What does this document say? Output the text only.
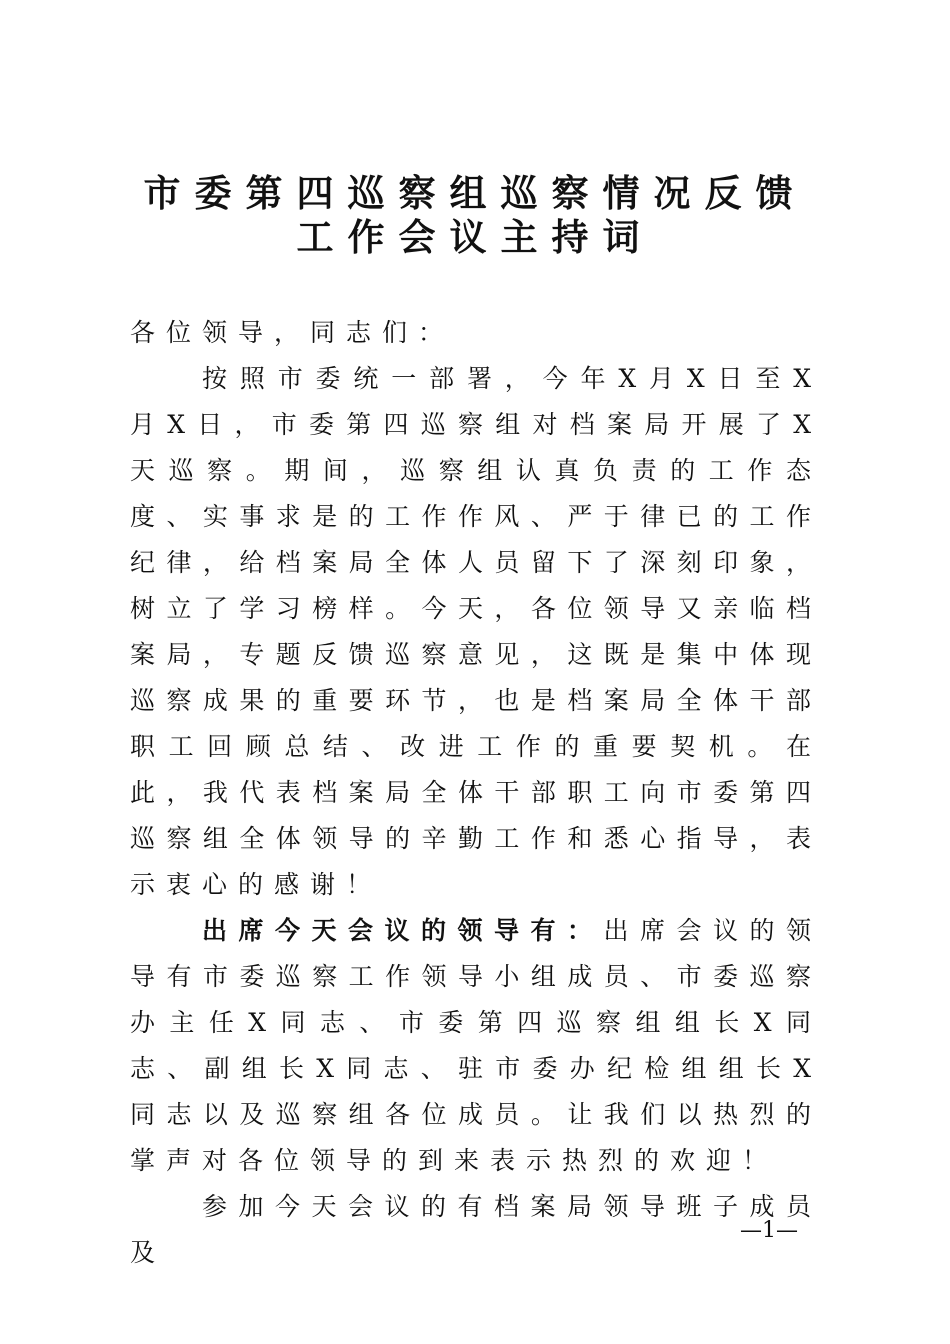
市委第四巡察组巡察情况反馈
工作会议主持词

各位领导，同志们：

按照市委统一部署，今年X月X日至X月X日，市委第四巡察组对档案局开展了X天巡察。期间，巡察组认真负责的工作态度、实事求是的工作作风、严于律已的工作纪律，给档案局全体人员留下了深刻印象，树立了学习榜样。今天，各位领导又亲临档案局，专题反馈巡察意见，这既是集中体现巡察成果的重要环节，也是档案局全体干部职工回顾总结、改进工作的重要契机。在此，我代表档案局全体干部职工向市委第四巡察组全体领导的辛勤工作和悉心指导，表示衷心的感谢！

出席今天会议的领导有：出席会议的领导有市委巡察工作领导小组成员、市委巡察办主任X同志、市委第四巡察组组长X同志、副组长X同志、驻市委办纪检组组长X同志以及巡察组各位成员。让我们以热烈的掌声对各位领导的到来表示热烈的欢迎！

参加今天会议的有档案局领导班子成员及

—1—
